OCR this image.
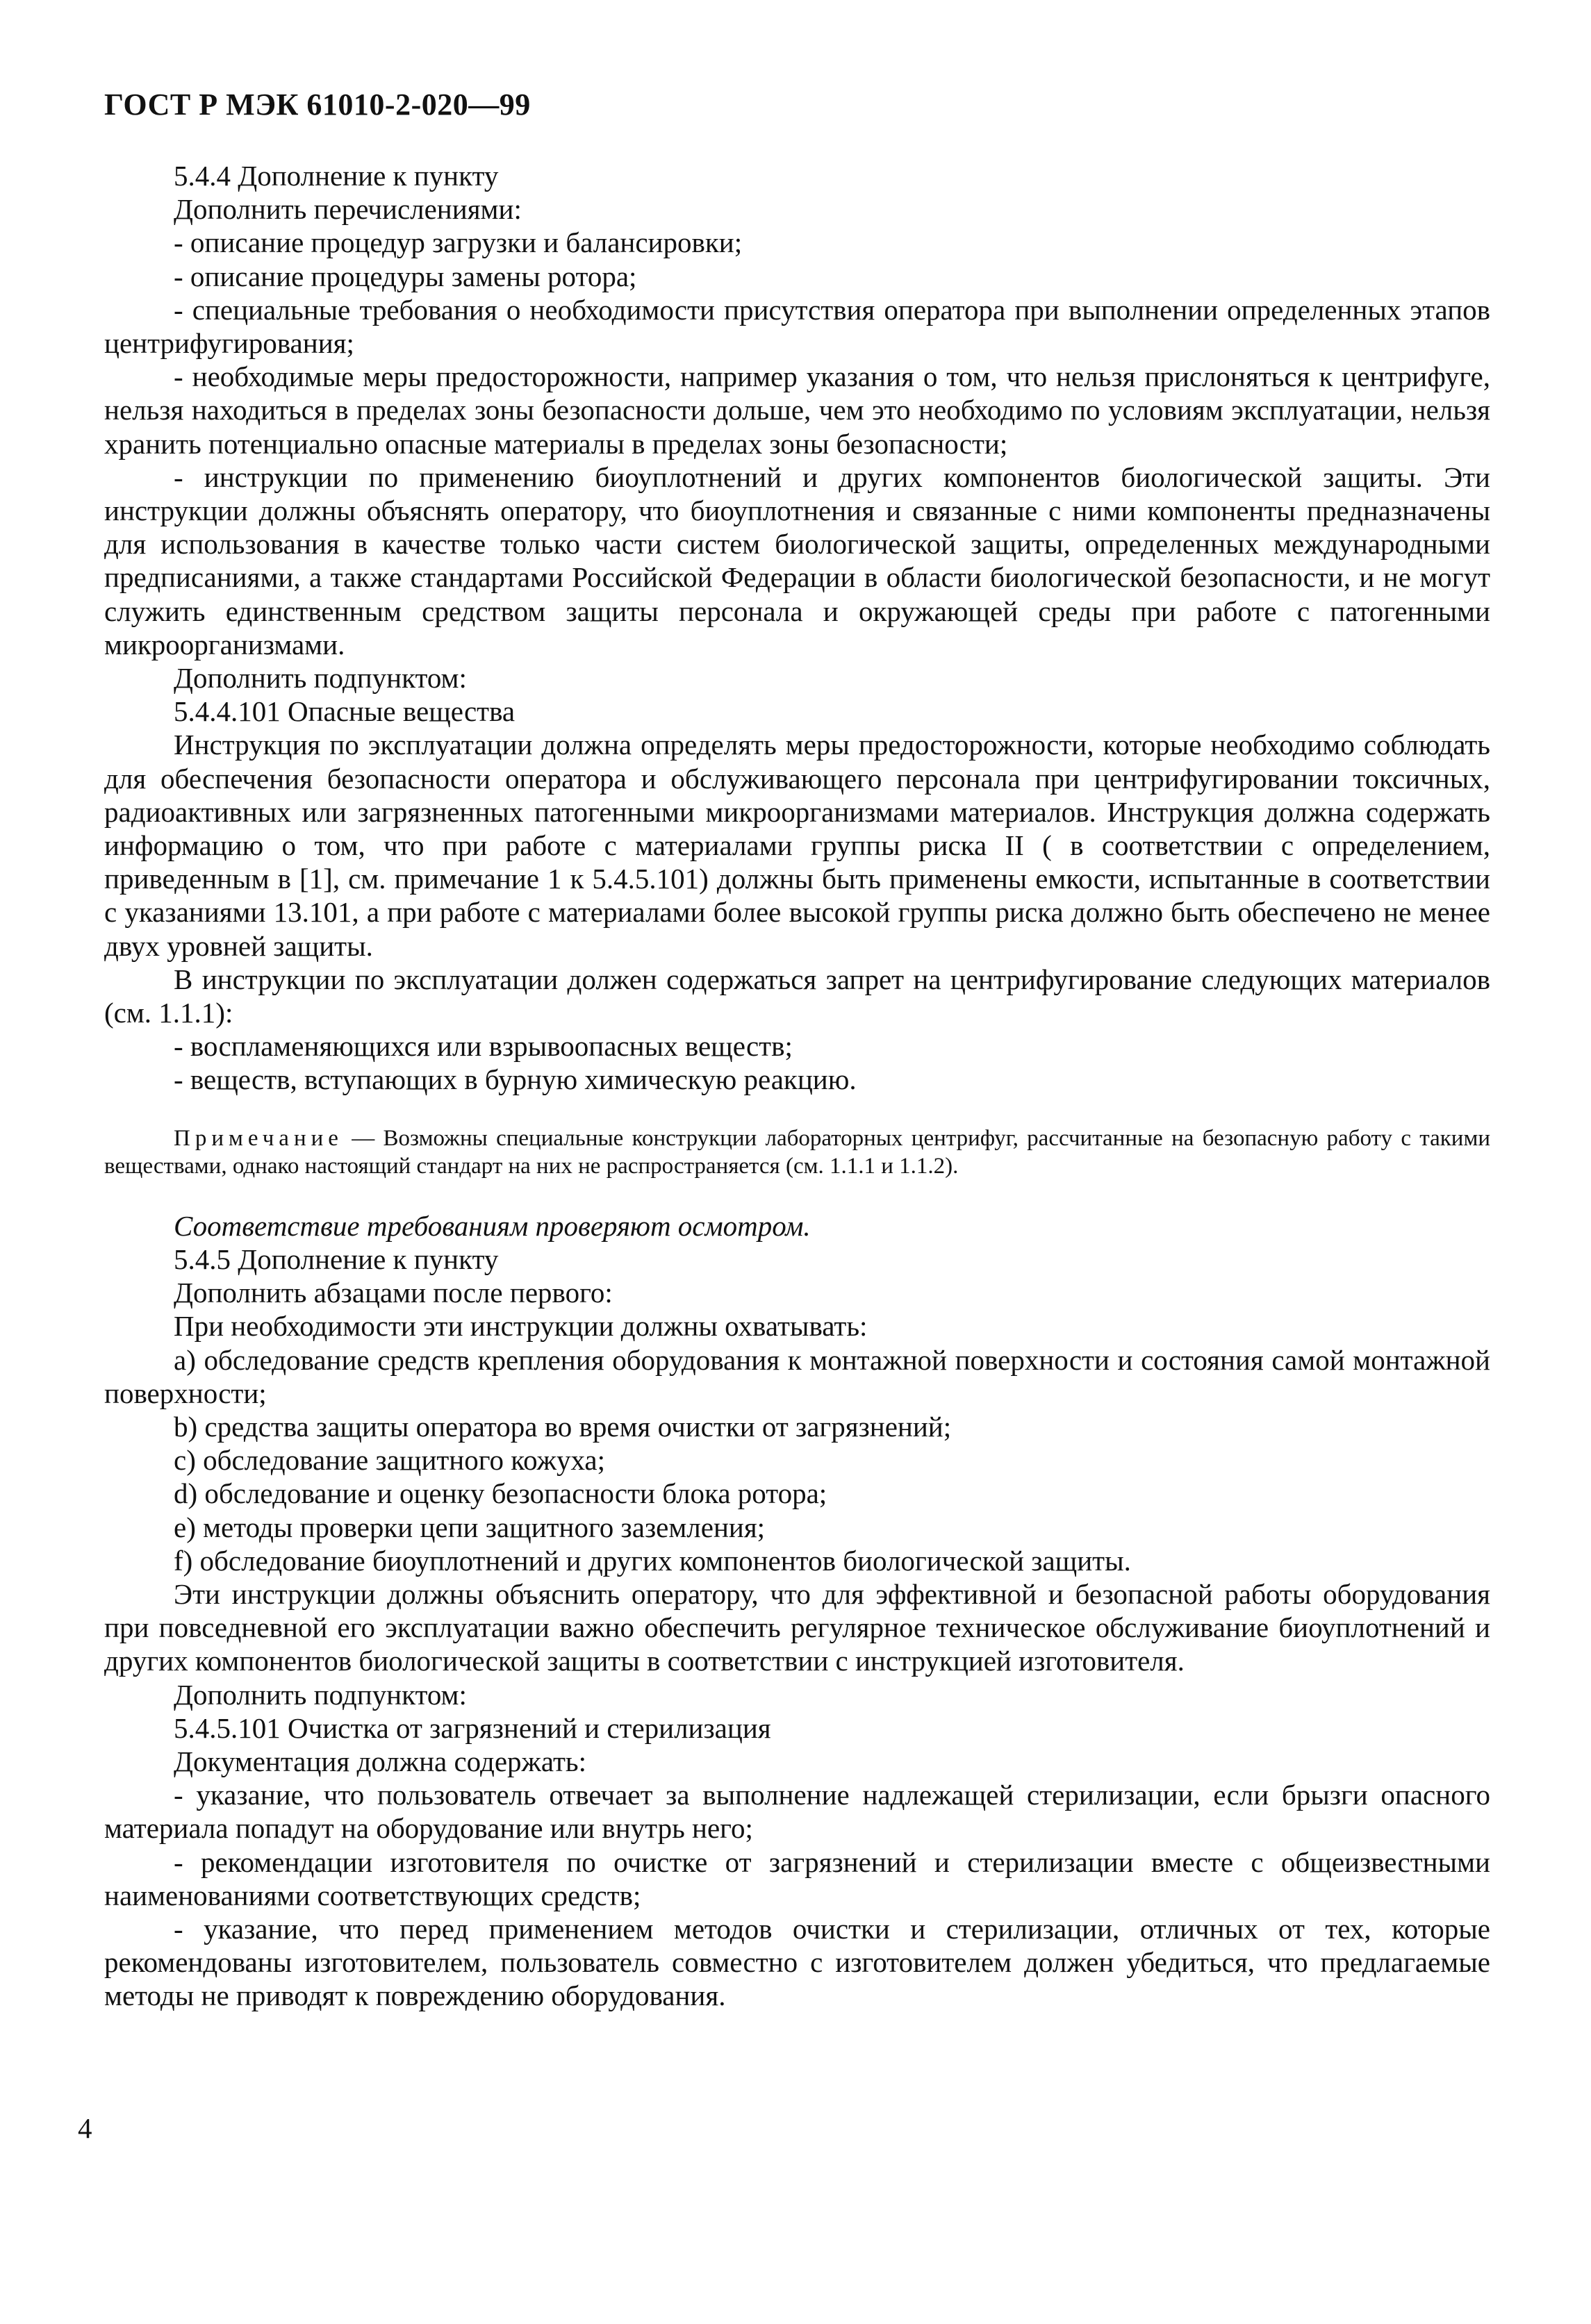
ГОСТ Р МЭК 61010-2-020—99

5.4.4 Дополнение к пункту

Дополнить перечислениями:

- описание процедур загрузки и балансировки;

- описание процедуры замены ротора;

- специальные требования о необходимости присутствия оператора при выполнении определенных этапов центрифугирования;

- необходимые меры предосторожности, например указания о том, что нельзя прислоняться к центрифуге, нельзя находиться в пределах зоны безопасности дольше, чем это необходимо по условиям эксплуатации, нельзя хранить потенциально опасные материалы в пределах зоны безопасности;

- инструкции по применению биоуплотнений и других компонентов биологической защиты. Эти инструкции должны объяснять оператору, что биоуплотнения и связанные с ними компоненты предназначены для использования в качестве только части систем биологической защиты, определенных международными предписаниями, а также стандартами Российской Федерации в области биологической безопасности, и не могут служить единственным средством защиты персонала и окружающей среды при работе с патогенными микроорганизмами.

Дополнить подпунктом:

5.4.4.101 Опасные вещества

Инструкция по эксплуатации должна определять меры предосторожности, которые необходимо соблюдать для обеспечения безопасности оператора и обслуживающего персонала при центрифугировании токсичных, радиоактивных или загрязненных патогенными микроорганизмами материалов. Инструкция должна содержать информацию о том, что при работе с материалами группы риска II ( в соответствии с определением, приведенным в [1], см. примечание 1 к 5.4.5.101) должны быть применены емкости, испытанные в соответствии с указаниями 13.101, а при работе с материалами более высокой группы риска должно быть обеспечено не менее двух уровней защиты.

В инструкции по эксплуатации должен содержаться запрет на центрифугирование следующих материалов (см. 1.1.1):

- воспламеняющихся или взрывоопасных веществ;

- веществ, вступающих в бурную химическую реакцию.

Примечание — Возможны специальные конструкции лабораторных центрифуг, рассчитанные на безопасную работу с такими веществами, однако настоящий стандарт на них не распространяется (см. 1.1.1 и 1.1.2).

Соответствие требованиям проверяют осмотром.

5.4.5 Дополнение к пункту

Дополнить абзацами после первого:

При необходимости эти инструкции должны охватывать:

a) обследование средств крепления оборудования к монтажной поверхности и состояния самой монтажной поверхности;

b) средства защиты оператора во время очистки от загрязнений;

c) обследование защитного кожуха;

d) обследование и оценку безопасности блока ротора;

e) методы проверки цепи защитного заземления;

f) обследование биоуплотнений и других компонентов биологической защиты.

Эти инструкции должны объяснить оператору, что для эффективной и безопасной работы оборудования при повседневной его эксплуатации важно обеспечить регулярное техническое обслуживание биоуплотнений и других компонентов биологической защиты в соответствии с инструкцией изготовителя.

Дополнить подпунктом:

5.4.5.101 Очистка от загрязнений и стерилизация

Документация должна содержать:

- указание, что пользователь отвечает за выполнение надлежащей стерилизации, если брызги опасного материала попадут на оборудование или внутрь него;

- рекомендации изготовителя по очистке от загрязнений и стерилизации вместе с общеизвестными наименованиями соответствующих средств;

- указание, что перед применением методов очистки и стерилизации, отличных от тех, которые рекомендованы изготовителем, пользователь совместно с изготовителем должен убедиться, что предлагаемые методы не приводят к повреждению оборудования.

4
